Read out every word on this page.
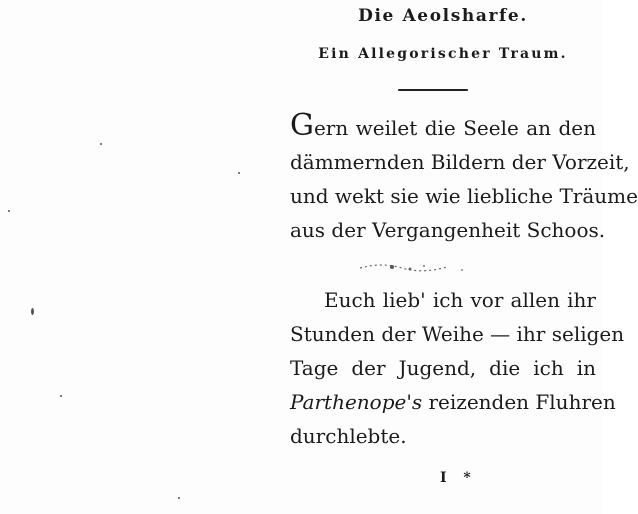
Die Aeolsharfe.
Ein Allegorischer Traum.
Gern weilet die Seele an den
dämmernden Bildern der Vorzeit,
und wekt sie wie liebliche Träume
aus der Vergangenheit Schoos.
Euch lieb' ich vor allen ihr
Stunden der Weihe — ihr seligen
Tage der Jugend, die ich in
Parthenope's reizenden Fluhren
durchlebte.
I *
